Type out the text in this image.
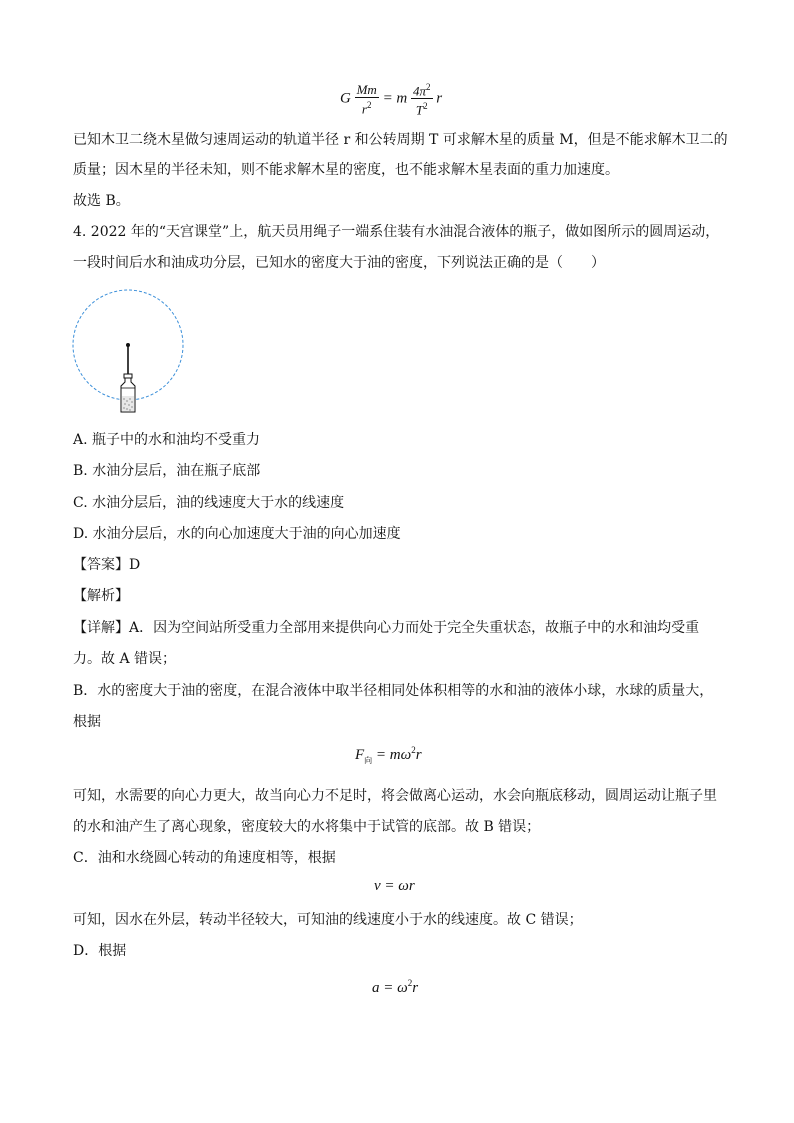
G $\frac{Mm}{r^2} = m \frac{4\pi^2}{T^2}$ r
已知木卫二绕木星做匀速周运动的轨道半径 r 和公转周期 T 可求解木星的质量 M，但是不能求解木卫二的
质量；因木星的半径未知，则不能求解木星的密度，也不能求解木星表面的重力加速度。
故选 B。
4. 2022 年的“天宫课堂”上，航天员用绳子一端系住装有水油混合液体的瓶子，做如图所示的圆周运动，
一段时间后水和油成功分层，已知水的密度大于油的密度，下列说法正确的是（　　）
A. 瓶子中的水和油均不受重力
B. 水油分层后，油在瓶子底部
C. 水油分层后，油的线速度大于水的线速度
D. 水油分层后，水的向心加速度大于油的向心加速度
【答案】D
【解析】
【详解】A．因为空间站所受重力全部用来提供向心力而处于完全失重状态，故瓶子中的水和油均受重
力。故 A 错误；
B．水的密度大于油的密度，在混合液体中取半径相同处体积相等的水和油的液体小球，水球的质量大，
根据
$F_向 = m\omega^2r$
可知，水需要的向心力更大，故当向心力不足时，将会做离心运动，水会向瓶底移动，圆周运动让瓶子里
的水和油产生了离心现象，密度较大的水将集中于试管的底部。故 B 错误；
C．油和水绕圆心转动的角速度相等，根据
v = ωr
可知，因水在外层，转动半径较大，可知油的线速度小于水的线速度。故 C 错误；
D．根据
$a = \omega^2r$
